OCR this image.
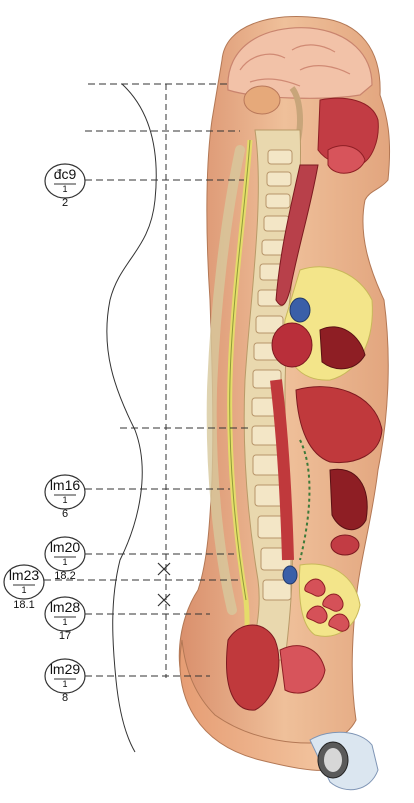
đc9
1
2
lm16
1
6
lm20
1
18.2
lm23
1
18.1	lm28
1
17
lm29
1
8
